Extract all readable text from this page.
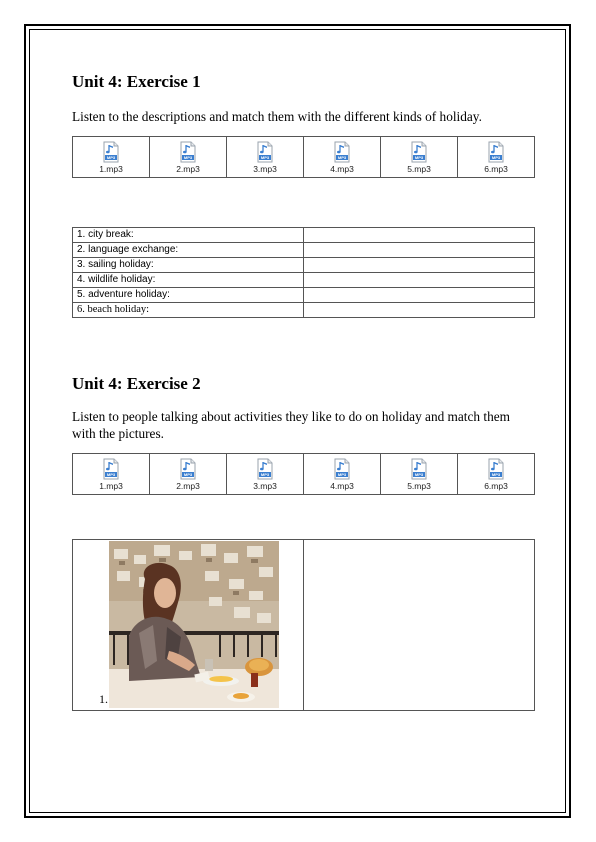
Unit 4: Exercise 1

Listen to the descriptions and match them with the different kinds of holiday.

MP3
1.mp3

MP3
2.mp3

MP3
3.mp3

MP3
4.mp3

MP3
5.mp3

MP3
6.mp3
1. city break:	
2. language exchange:	
3. sailing holiday:	
4. wildlife holiday:	
5. adventure holiday:	
6. beach holiday:	
Unit 4: Exercise 2

Listen to people talking about activities they like to do on holiday and match them with the pictures.

MP3
1.mp3

MP3
2.mp3

MP3
3.mp3

MP3
4.mp3

MP3
5.mp3

MP3
6.mp3
1.
